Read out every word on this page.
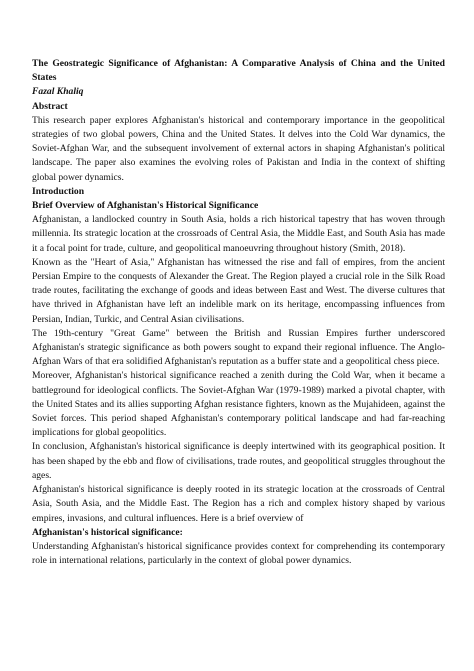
The Geostrategic Significance of Afghanistan: A Comparative Analysis of China and the United States

Fazal Khaliq

Abstract

This research paper explores Afghanistan's historical and contemporary importance in the geopolitical strategies of two global powers, China and the United States. It delves into the Cold War dynamics, the Soviet-Afghan War, and the subsequent involvement of external actors in shaping Afghanistan's political landscape. The paper also examines the evolving roles of Pakistan and India in the context of shifting global power dynamics.

Introduction

Brief Overview of Afghanistan's Historical Significance

Afghanistan, a landlocked country in South Asia, holds a rich historical tapestry that has woven through millennia. Its strategic location at the crossroads of Central Asia, the Middle East, and South Asia has made it a focal point for trade, culture, and geopolitical manoeuvring throughout history (Smith, 2018).

Known as the "Heart of Asia," Afghanistan has witnessed the rise and fall of empires, from the ancient Persian Empire to the conquests of Alexander the Great. The Region played a crucial role in the Silk Road trade routes, facilitating the exchange of goods and ideas between East and West. The diverse cultures that have thrived in Afghanistan have left an indelible mark on its heritage, encompassing influences from Persian, Indian, Turkic, and Central Asian civilisations.

The 19th-century "Great Game" between the British and Russian Empires further underscored Afghanistan's strategic significance as both powers sought to expand their regional influence. The Anglo-Afghan Wars of that era solidified Afghanistan's reputation as a buffer state and a geopolitical chess piece.

Moreover, Afghanistan's historical significance reached a zenith during the Cold War, when it became a battleground for ideological conflicts. The Soviet-Afghan War (1979-1989) marked a pivotal chapter, with the United States and its allies supporting Afghan resistance fighters, known as the Mujahideen, against the Soviet forces. This period shaped Afghanistan's contemporary political landscape and had far-reaching implications for global geopolitics.

In conclusion, Afghanistan's historical significance is deeply intertwined with its geographical position. It has been shaped by the ebb and flow of civilisations, trade routes, and geopolitical struggles throughout the ages.

Afghanistan's historical significance is deeply rooted in its strategic location at the crossroads of Central Asia, South Asia, and the Middle East. The Region has a rich and complex history shaped by various empires, invasions, and cultural influences. Here is a brief overview of

Afghanistan's historical significance:

Understanding Afghanistan's historical significance provides context for comprehending its contemporary role in international relations, particularly in the context of global power dynamics.
